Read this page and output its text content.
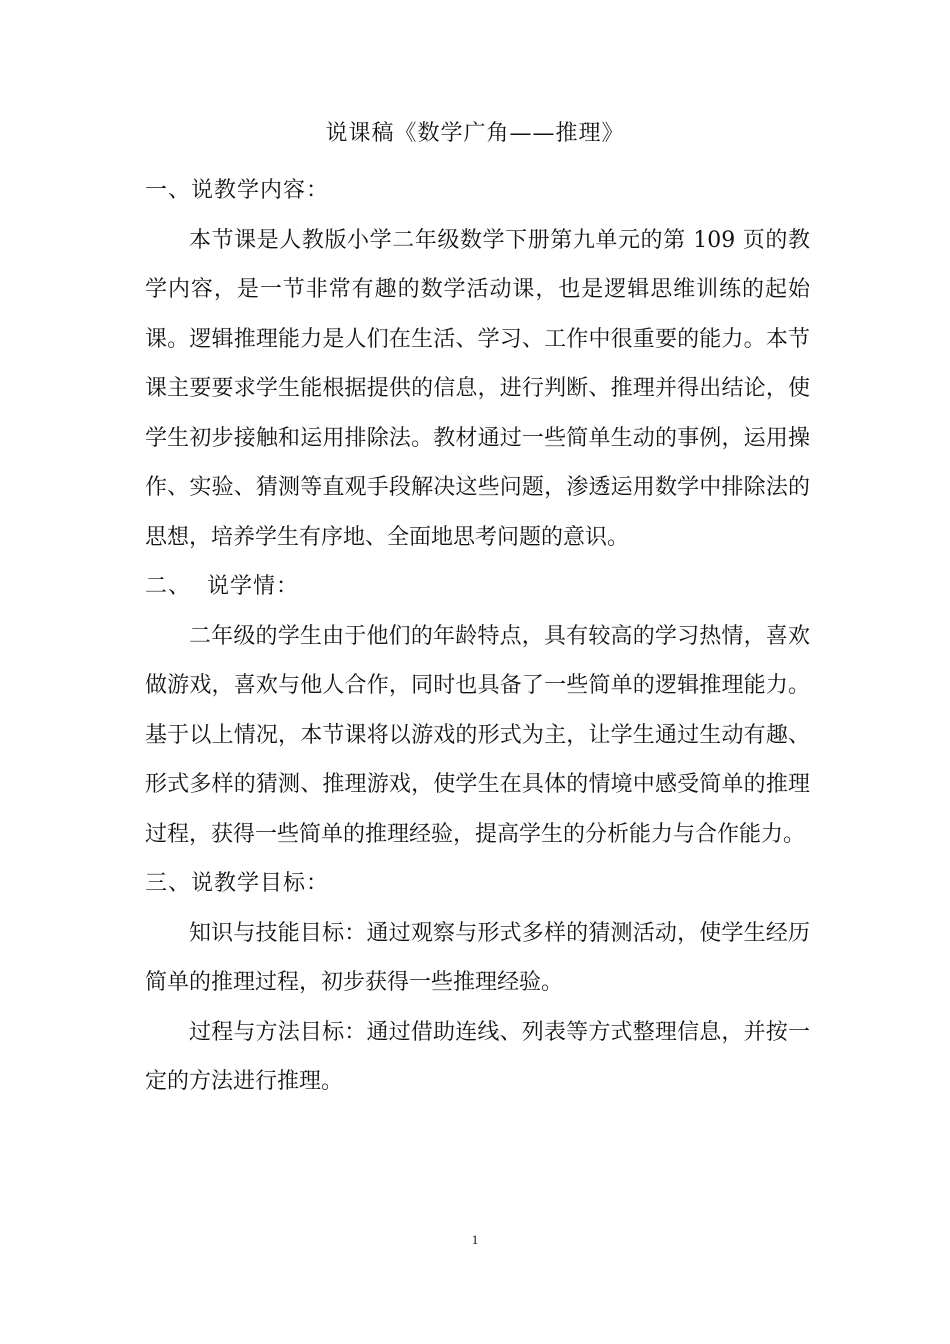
说课稿《数学广角——推理》

一、说教学内容：

本节课是人教版小学二年级数学下册第九单元的第 109 页的教学内容，是一节非常有趣的数学活动课，也是逻辑思维训练的起始课。逻辑推理能力是人们在生活、学习、工作中很重要的能力。本节课主要要求学生能根据提供的信息，进行判断、推理并得出结论，使学生初步接触和运用排除法。教材通过一些简单生动的事例，运用操作、实验、猜测等直观手段解决这些问题，渗透运用数学中排除法的思想，培养学生有序地、全面地思考问题的意识。

二、  说学情：

二年级的学生由于他们的年龄特点，具有较高的学习热情，喜欢做游戏，喜欢与他人合作，同时也具备了一些简单的逻辑推理能力。基于以上情况，本节课将以游戏的形式为主，让学生通过生动有趣、形式多样的猜测、推理游戏，使学生在具体的情境中感受简单的推理过程，获得一些简单的推理经验，提高学生的分析能力与合作能力。

三、说教学目标：

知识与技能目标：通过观察与形式多样的猜测活动，使学生经历简单的推理过程，初步获得一些推理经验。

过程与方法目标：通过借助连线、列表等方式整理信息，并按一定的方法进行推理。

1
